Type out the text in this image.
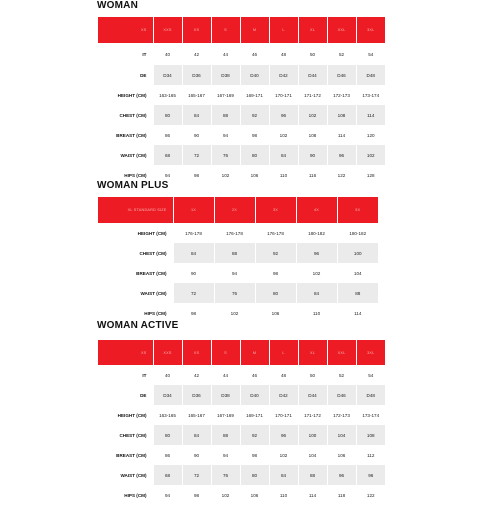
WOMAN
XS	XXS	XS	S	M	L	XL	XXL	3XL
IT	40	42	44	46	48	50	52	54
DE	D34	D36	D38	D40	D42	D44	D46	D48
HEIGHT (CM)	163-165	165-167	167-169	169-171	170-171	171-172	172-173	173-174
CHEST (CM)	80	84	88	92	96	102	108	114
BREAST (CM)	86	90	94	98	102	108	114	120
WAIST (CM)	68	72	76	80	84	90	96	102
HIPS (CM)	94	98	102	106	110	116	122	128
WOMAN PLUS
XL STANDARD SIZE	1X	2X	3X	4X	5X
HEIGHT (CM)	176-178	176-178	176-178	180-182	180-182
CHEST (CM)	84	88	92	96	100
BREAST (CM)	90	94	98	102	104
WAIST (CM)	72	76	80	84	88
HIPS (CM)	98	102	106	110	114
WOMAN ACTIVE
XS	XXS	XS	S	M	L	XL	XXL	3XL
IT	40	42	44	46	48	50	52	54
DE	D34	D36	D38	D40	D42	D44	D46	D48
HEIGHT (CM)	163-165	165-167	167-169	169-171	170-171	171-172	172-173	173-174
CHEST (CM)	80	84	88	92	96	100	104	108
BREAST (CM)	86	90	94	98	102	104	106	112
WAIST (CM)	68	72	76	80	84	88	96	96
HIPS (CM)	94	98	102	106	110	114	118	122
